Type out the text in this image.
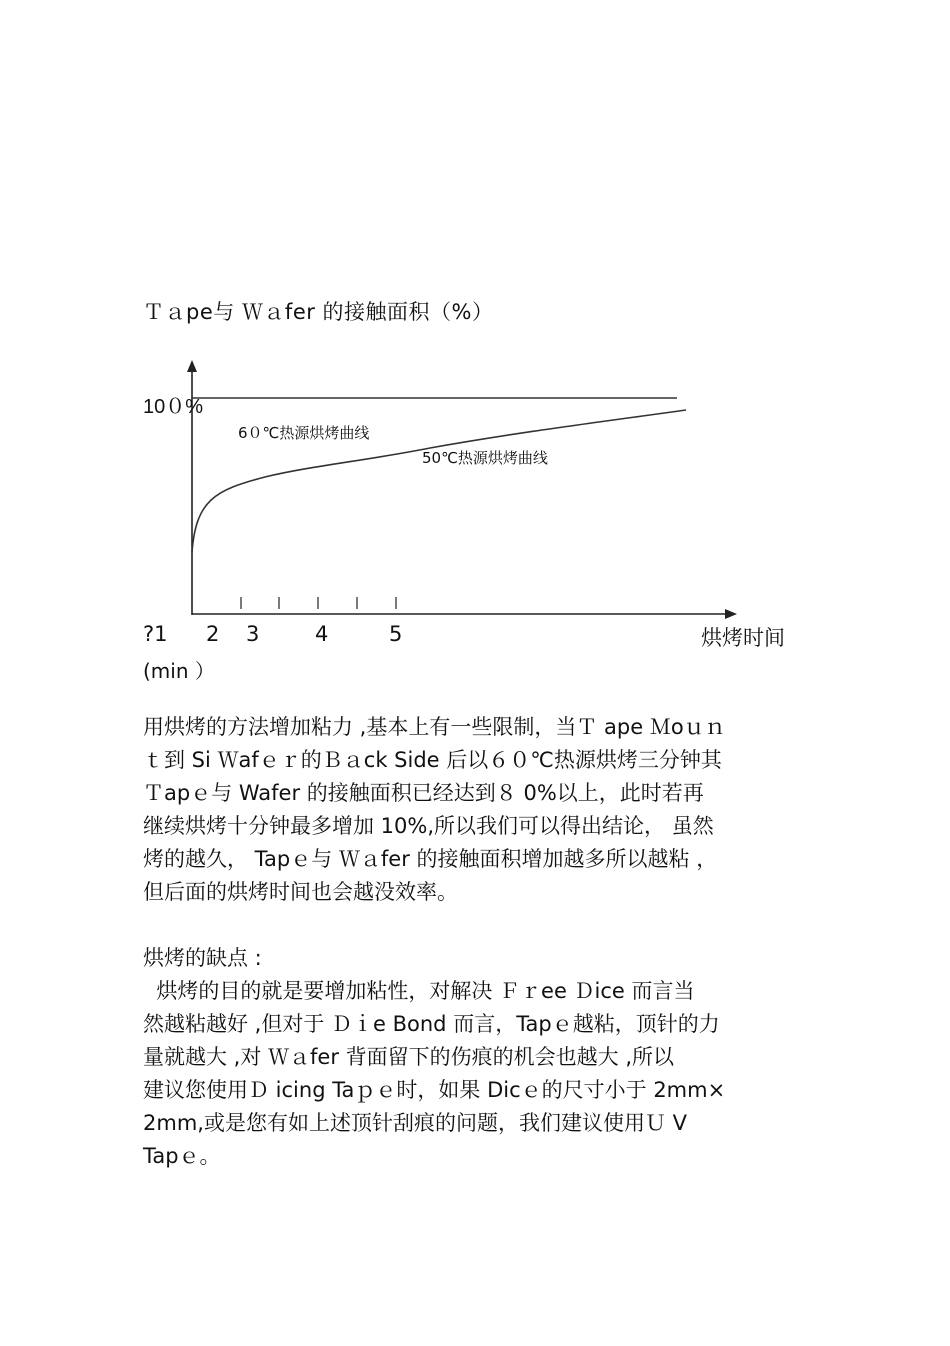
Ｔａpe与 Ｗａfer 的接触面积（%）
10０%
6０℃热源烘烤曲线
50℃热源烘烤曲线
?1 2 3	4	5	烘烤时间
(min ）
用烘烤的方法增加粘力 ,基本上有一些限制，当Ｔ ape Ｍoｕｎ
ｔ到 Si Ｗafｅｒ的Ｂａck Side 后以６０℃热源烘烤三分钟其
Ｔapｅ与 Wafer 的接触面积已经达到８ 0%以上，此时若再
继续烘烤十分钟最多增加 10%,所以我们可以得出结论， 虽然
烤的越久， Tapｅ与 Ｗａfer 的接触面积增加越多所以越粘 ，
但后面的烘烤时间也会越没效率。
烘烤的缺点 :
烘烤的目的就是要增加粘性，对解决 Ｆｒee Ｄice 而言当
然越粘越好 ,但对于 Ｄｉe Bond 而言，Tapｅ越粘，顶针的力
量就越大 ,对 Ｗａfer 背面留下的伤痕的机会也越大 ,所以
建议您使用Ｄ icing Taｐｅ时，如果 Dicｅ的尺寸小于 2mm×
2mm,或是您有如上述顶针刮痕的问题，我们建议使用Ｕ V
Tapｅ。
